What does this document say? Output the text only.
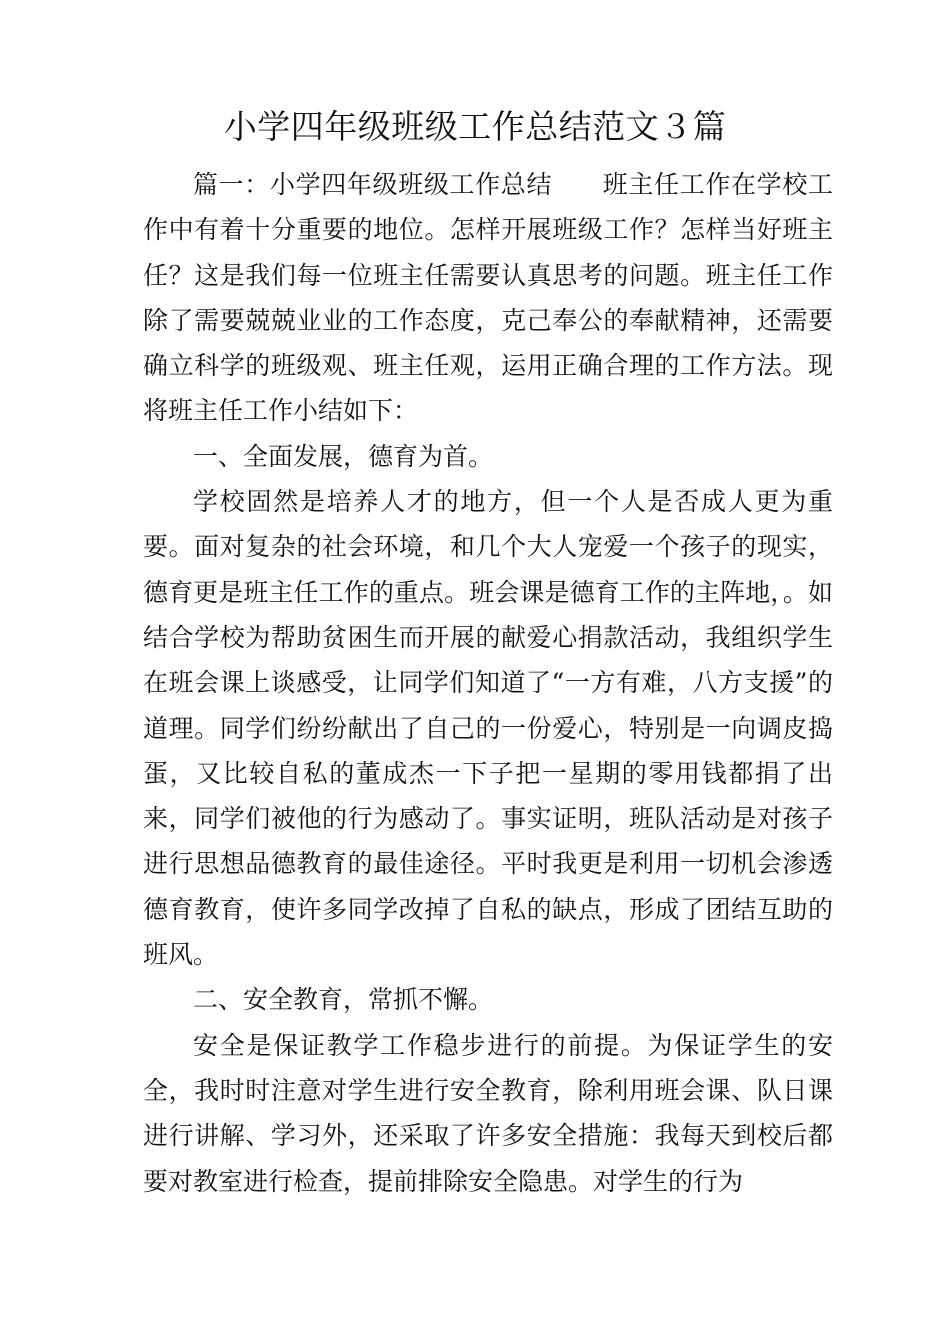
小学四年级班级工作总结范文３篇

篇一：小学四年级班级工作总结 班主任工作在学校工作中有着十分重要的地位。怎样开展班级工作？怎样当好班主任？这是我们每一位班主任需要认真思考的问题。班主任工作除了需要兢兢业业的工作态度，克己奉公的奉献精神，还需要确立科学的班级观、班主任观，运用正确合理的工作方法。现将班主任工作小结如下：

一、全面发展，德育为首。

学校固然是培养人才的地方，但一个人是否成人更为重要。面对复杂的社会环境，和几个大人宠爱一个孩子的现实，德育更是班主任工作的重点。班会课是德育工作的主阵地，。如结合学校为帮助贫困生而开展的献爱心捐款活动，我组织学生在班会课上谈感受，让同学们知道了“一方有难，八方支援”的道理。同学们纷纷献出了自己的一份爱心，特别是一向调皮捣蛋，又比较自私的董成杰一下子把一星期的零用钱都捐了出来，同学们被他的行为感动了。事实证明，班队活动是对孩子进行思想品德教育的最佳途径。平时我更是利用一切机会渗透德育教育，使许多同学改掉了自私的缺点，形成了团结互助的班风。

二、安全教育，常抓不懈。

安全是保证教学工作稳步进行的前提。为保证学生的安全，我时时注意对学生进行安全教育，除利用班会课、队日课进行讲解、学习外，还采取了许多安全措施：我每天到校后都要对教室进行检查，提前排除安全隐患。对学生的行为
